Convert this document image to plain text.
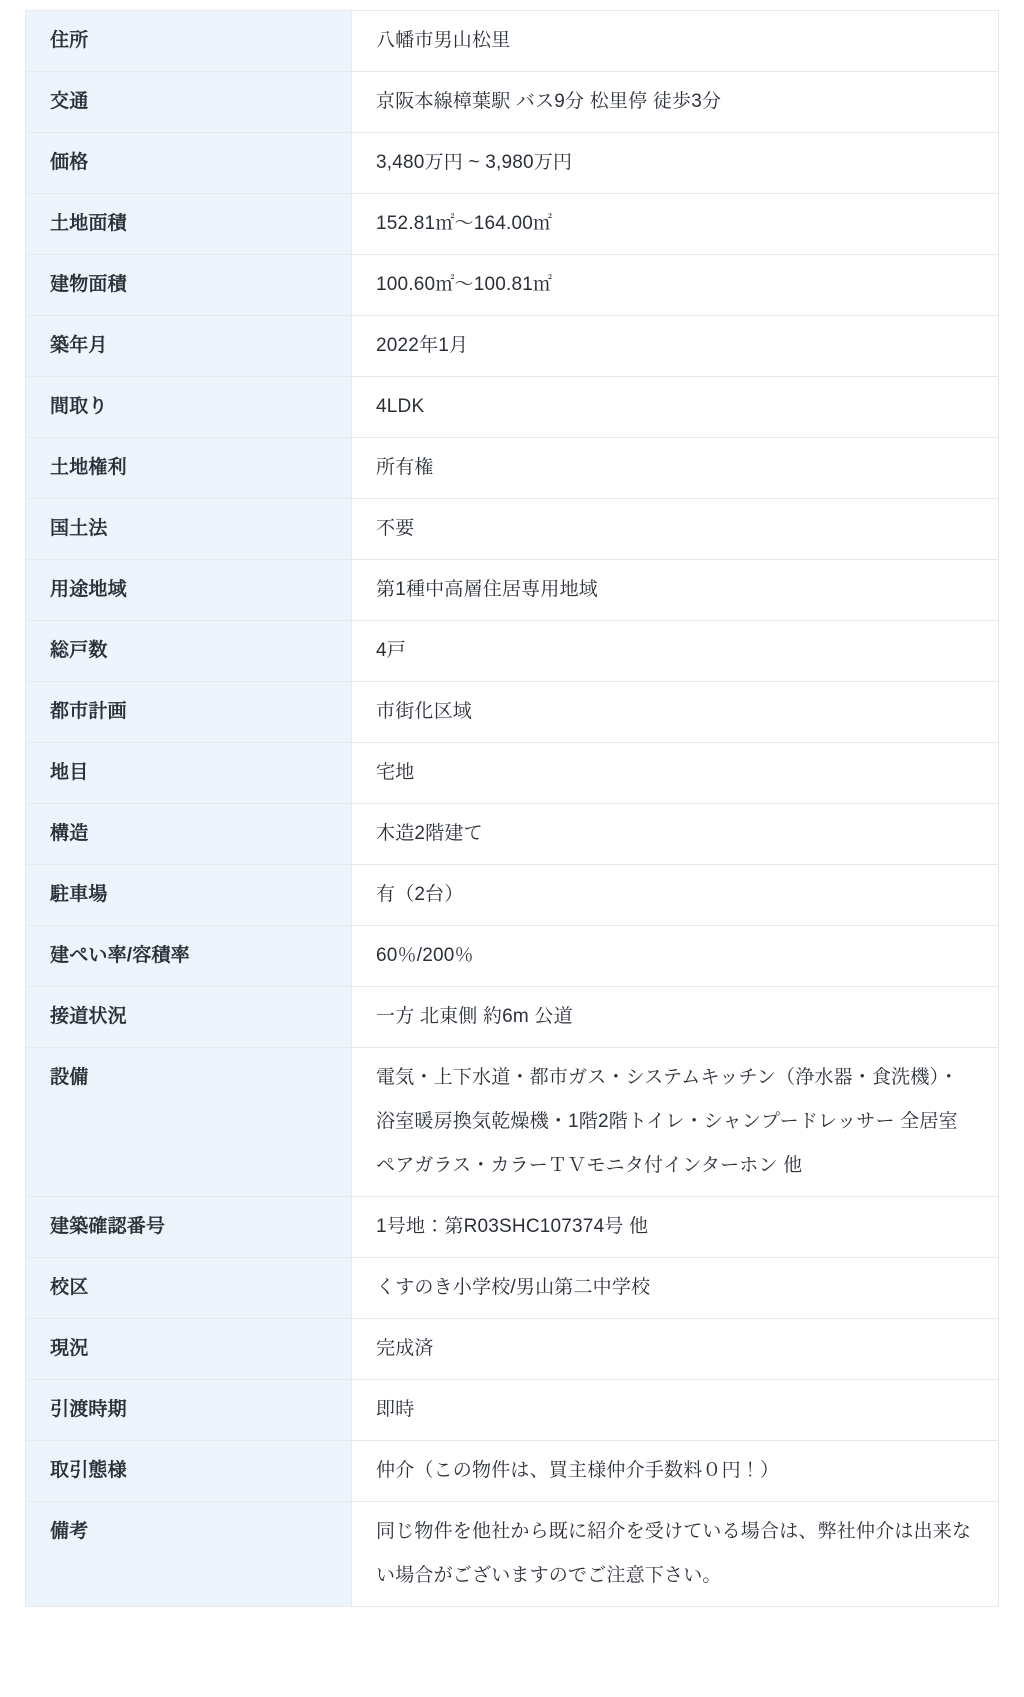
住所	八幡市男山松里
交通	京阪本線樟葉駅 バス9分 松里停 徒歩3分
価格	3,480万円 ~ 3,980万円
土地面積	152.81㎡〜164.00㎡
建物面積	100.60㎡〜100.81㎡
築年月	2022年1月
間取り	4LDK
土地権利	所有権
国土法	不要
用途地域	第1種中高層住居専用地域
総戸数	4戸
都市計画	市街化区域
地目	宅地
構造	木造2階建て
駐車場	有（2台）
建ぺい率/容積率	60％/200％
接道状況	一方 北東側 約6m 公道
設備	電気・上下水道・都市ガス・システムキッチン（浄水器・食洗機）・浴室暖房換気乾燥機・1階2階トイレ・シャンプードレッサー 全居室ペアガラス・カラーＴＶモニタ付インターホン 他
建築確認番号	1号地：第R03SHC107374号 他
校区	くすのき小学校/男山第二中学校
現況	完成済
引渡時期	即時
取引態様	仲介（この物件は、買主様仲介手数料０円！）
備考	同じ物件を他社から既に紹介を受けている場合は、弊社仲介は出来ない場合がございますのでご注意下さい。
